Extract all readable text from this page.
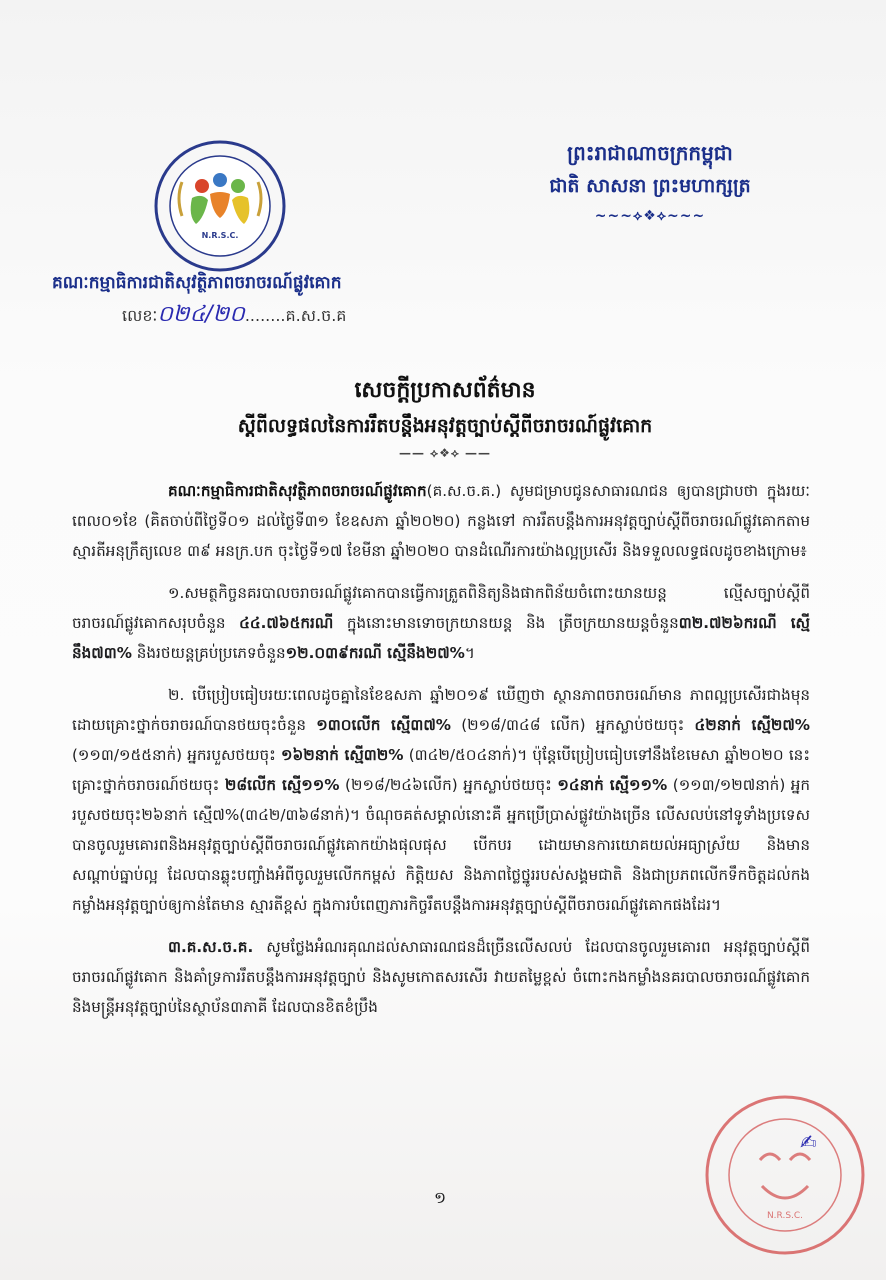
N.R.S.C.
គណៈកម្មាធិការជាតិសុវត្ថិភាពចរាចរណ៍ផ្លូវគោក
លេខៈ០២៤/២០........គ.ស.ច.គ
ព្រះរាជាណាចក្រកម្ពុជា
ជាតិ សាសនា ព្រះមហាក្សត្រ
~~~⟡❖⟡~~~
សេចក្តីប្រកាសព័ត៌មាន
ស្តីពីលទ្ធផលនៃការរឹតបន្តឹងអនុវត្តច្បាប់ស្តីពីចរាចរណ៍ផ្លូវគោក
—— ⟡❖⟡ ——

គណៈកម្មាធិការជាតិសុវត្ថិភាពចរាចរណ៍ផ្លូវគោក(គ.ស.ច.គ.) សូមជម្រាបជូនសាធារណជន ឲ្យបានជ្រាបថា ក្នុងរយៈពេល០១ខែ (គិតចាប់ពីថ្ងៃទី០១ ដល់ថ្ងៃទី៣១ ខែឧសភា ឆ្នាំ២០២០) កន្លងទៅ ការរឹតបន្តឹងការអនុវត្តច្បាប់ស្តីពីចរាចរណ៍ផ្លូវគោកតាមស្មារតីអនុក្រឹត្យលេខ ៣៩ អនក្រ.បក ចុះថ្ងៃទី១៧ ខែមីនា ឆ្នាំ២០២០ បានដំណើរការយ៉ាងល្អប្រសើរ និងទទួលលទ្ធផលដូចខាងក្រោម៖

១.សមត្ថកិច្ចនគរបាលចរាចរណ៍ផ្លូវគោកបានធ្វើការត្រួតពិនិត្យនិងផាកពិន័យចំពោះយានយន្ត ល្មើសច្បាប់ស្តីពីចរាចរណ៍ផ្លូវគោកសរុបចំនួន ៤៤.៧៦៥ករណី ក្នុងនោះមានទោចក្រយានយន្ត និង ត្រីចក្រយានយន្តចំនួន៣២.៧២៦ករណី ស្មើនឹង៧៣% និងរថយន្តគ្រប់ប្រភេទចំនួន១២.០៣៩ករណី ស្មើនឹង២៧%។

២. បើប្រៀបធៀបរយៈពេលដូចគ្នានៃខែឧសភា ឆ្នាំ២០១៩ ឃើញថា ស្ថានភាពចរាចរណ៍មាន ភាពល្អប្រសើរជាងមុន ដោយគ្រោះថ្នាក់ចរាចរណ៍បានថយចុះចំនួន ១៣០លើក ស្មើ៣៧% (២១៨/៣៤៨ លើក) អ្នកស្លាប់ថយចុះ ៤២នាក់ ស្មើ២៧% (១១៣/១៥៥នាក់) អ្នករបួសថយចុះ ១៦២នាក់ ស្មើ៣២% (៣៤២/៥០៤នាក់)។ ប៉ុន្តែបើប្រៀបធៀបទៅនឹងខែមេសា ឆ្នាំ២០២០ នេះ គ្រោះថ្នាក់ចរាចរណ៍ថយចុះ ២៨លើក ស្មើ១១% (២១៨/២៤៦លើក) អ្នកស្លាប់ថយចុះ ១៤នាក់ ស្មើ១១% (១១៣/១២៧នាក់) អ្នក របួសថយចុះ២៦នាក់ ស្មើ៧%(៣៤២/៣៦៨នាក់)។ ចំណុចគត់សម្គាល់នោះគឺ អ្នកប្រើប្រាស់ផ្លូវយ៉ាងច្រើន លើសលប់នៅទូទាំងប្រទេស បានចូលរួមគោរពនិងអនុវត្តច្បាប់ស្តីពីចរាចរណ៍ផ្លូវគោកយ៉ាងផុលផុស បើកបរ ដោយមានការយោគយល់អធ្យាស្រ័យ និងមានសណ្តាប់ធ្នាប់ល្អ ដែលបានឆ្លុះបញ្ចាំងអំពីចូលរួមលើកកម្ពស់ កិត្តិយស និងភាពថ្លៃថ្នូររបស់សង្គមជាតិ និងជាប្រភពលើកទឹកចិត្តដល់កងកម្លាំងអនុវត្តច្បាប់ឲ្យកាន់តែមាន ស្មារតីខ្ពស់ ក្នុងការបំពេញភារកិច្ចរឹតបន្តឹងការអនុវត្តច្បាប់ស្តីពីចរាចរណ៍ផ្លូវគោកផងដែរ។

៣.គ.ស.ច.គ. សូមថ្លែងអំណរគុណដល់សាធារណជនដ៏ច្រើនលើសលប់ ដែលបានចូលរួមគោរព អនុវត្តច្បាប់ស្តីពីចរាចរណ៍ផ្លូវគោក និងគាំទ្រការរឹតបន្តឹងការអនុវត្តច្បាប់ និងសូមកោតសរសើរ វាយតម្លៃខ្ពស់ ចំពោះកងកម្លាំងនគរបាលចរាចរណ៍ផ្លូវគោក និងមន្ត្រីអនុវត្តច្បាប់នៃស្ថាប័ន៣ភាគី ដែលបានខិតខំប្រឹង

១
N.R.S.C.
✍
